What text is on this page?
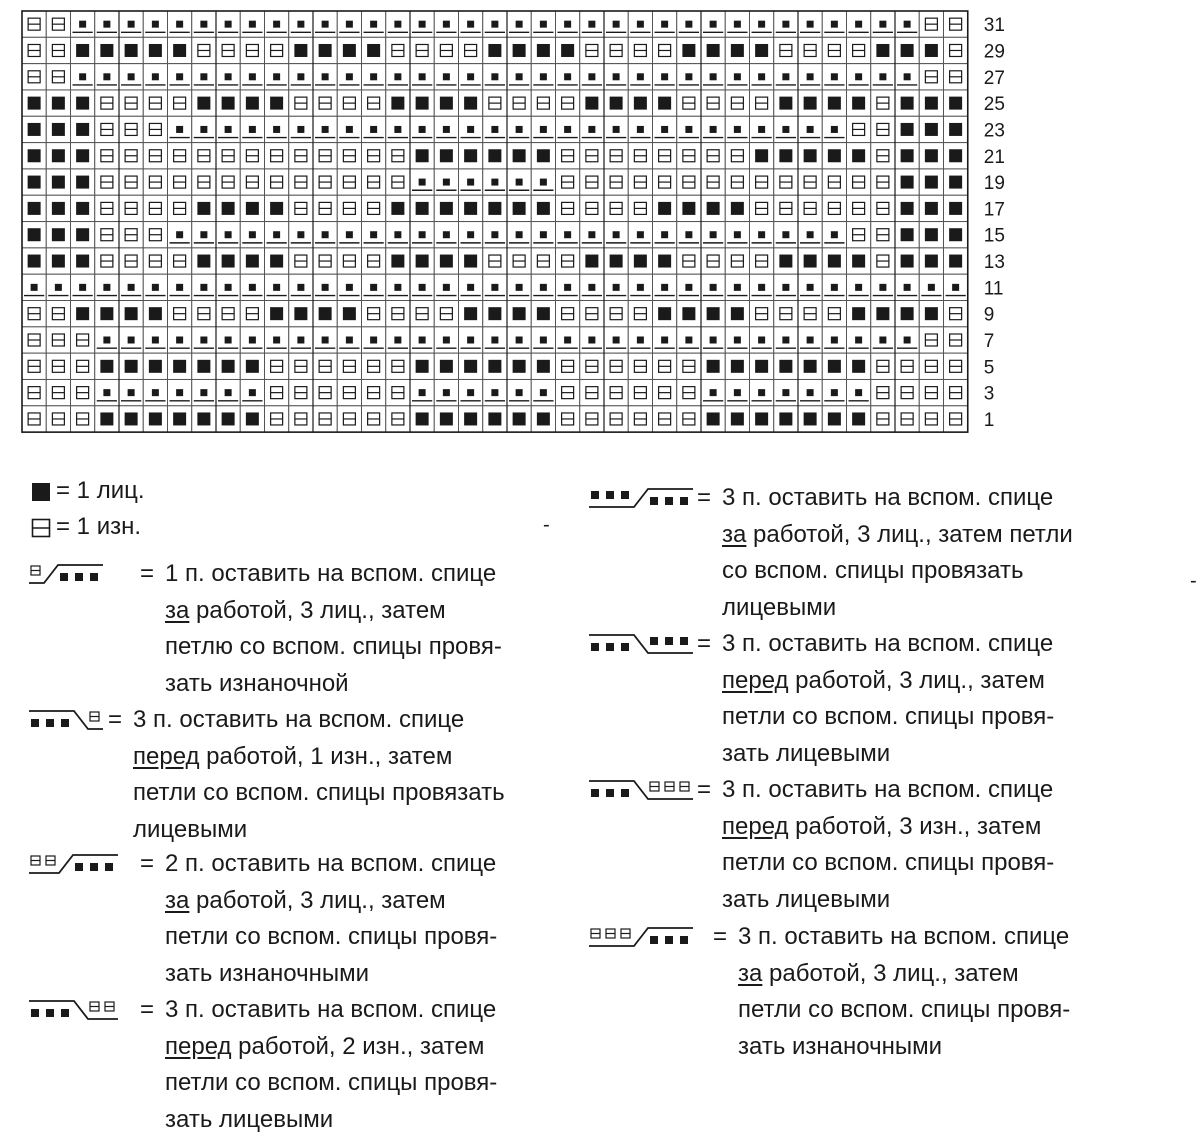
31
29
27
25
23
21
19
17
15
13
11
9
7
5
3
1
= 1 лиц.
= 1 изн.	-
-
= 1 п. оставить на вспом. спице
за работой, 3 лиц., затем
петлю со вспом. спицы провя-
зать изнаночной
= 3 п. оставить на вспом. спице
перед работой, 1 изн., затем
петли со вспом. спицы провязать
лицевыми
= 2 п. оставить на вспом. спице
за работой, 3 лиц., затем
петли со вспом. спицы провя-
зать изнаночными
= 3 п. оставить на вспом. спице
перед работой, 2 изн., затем
петли со вспом. спицы провя-
зать лицевыми
= 3 п. оставить на вспом. спице
за работой, 3 лиц., затем петли
со вспом. спицы провязать
лицевыми
= 3 п. оставить на вспом. спице
перед работой, 3 лиц., затем
петли со вспом. спицы провя-
зать лицевыми
= 3 п. оставить на вспом. спице
перед работой, 3 изн., затем
петли со вспом. спицы провя-
зать лицевыми
= 3 п. оставить на вспом. спице
за работой, 3 лиц., затем
петли со вспом. спицы провя-
зать изнаночными
